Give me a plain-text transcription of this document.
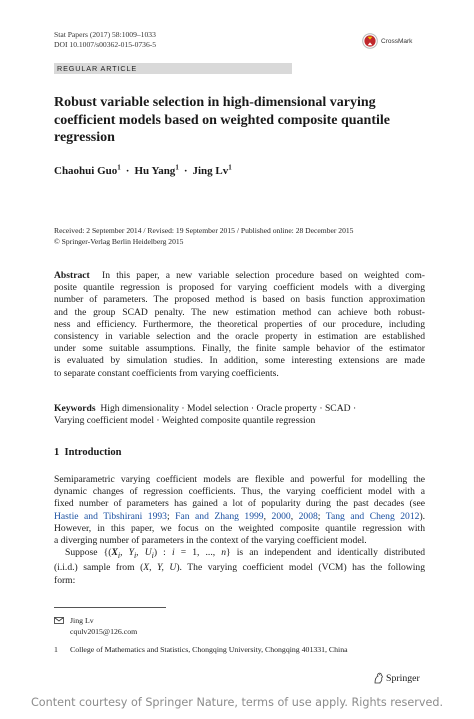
Stat Papers (2017) 58:1009–1033
DOI 10.1007/s00362-015-0736-5	CrossMark
REGULAR ARTICLE
Robust variable selection in high-dimensional varying
coefficient models based on weighted composite quantile
regression
Chaohui Guo$^1$ · Hu Yang$^1$ · Jing Lv$^1$
Received: 2 September 2014 / Revised: 19 September 2015 / Published online: 28 December 2015
© Springer-Verlag Berlin Heidelberg 2015
Abstract In this paper, a new variable selection procedure based on weighted com-
posite quantile regression is proposed for varying coefficient models with a diverging
number of parameters. The proposed method is based on basis function approximation
and the group SCAD penalty. The new estimation method can achieve both robust-
ness and efficiency. Furthermore, the theoretical properties of our procedure, including
consistency in variable selection and the oracle property in estimation are established
under some suitable assumptions. Finally, the finite sample behavior of the estimator
is evaluated by simulation studies. In addition, some interesting extensions are made
to separate constant coefficients from varying coefficients.
Keywords High dimensionality · Model selection · Oracle property · SCAD ·
Varying coefficient model · Weighted composite quantile regression
1 Introduction
Semiparametric varying coefficient models are flexible and powerful for modelling the
dynamic changes of regression coefficients. Thus, the varying coefficient model with a
fixed number of parameters has gained a lot of popularity during the past decades (see
Hastie and Tibshirani 1993; Fan and Zhang 1999, 2000, 2008; Tang and Cheng 2012).
However, in this paper, we focus on the weighted composite quantile regression with
a diverging number of parameters in the context of the varying coefficient model.
Suppose {($X_i$, $Y_i$, $U_i$) : i = 1, ..., n} is an independent and identically distributed
(i.i.d.) sample from (X, Y, U). The varying coefficient model (VCM) has the following
form:
Jing Lv
cqulv2015@126.com
1 College of Mathematics and Statistics, Chongqing University, Chongqing 401331, China
Springer
Content courtesy of Springer Nature, terms of use apply. Rights reserved.
